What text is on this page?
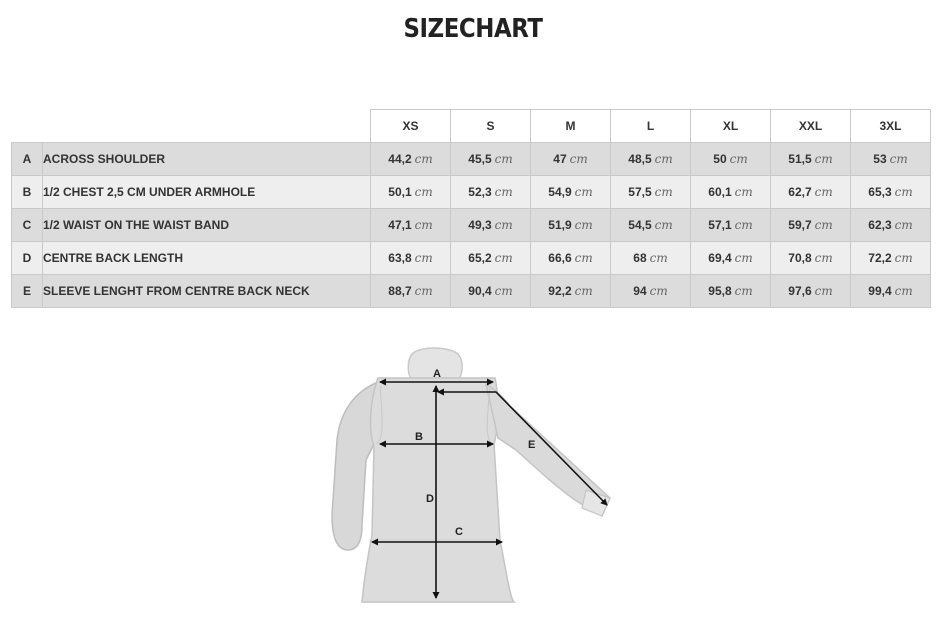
SIZECHART
		XS	S	M	L	XL	XXL	3XL
A	ACROSS SHOULDER	44,2 cm	45,5 cm	47 cm	48,5 cm	50 cm	51,5 cm	53 cm
B	1/2 CHEST 2,5 CM UNDER ARMHOLE	50,1 cm	52,3 cm	54,9 cm	57,5 cm	60,1 cm	62,7 cm	65,3 cm
C	1/2 WAIST ON THE WAIST BAND	47,1 cm	49,3 cm	51,9 cm	54,5 cm	57,1 cm	59,7 cm	62,3 cm
D	CENTRE BACK LENGTH	63,8 cm	65,2 cm	66,6 cm	68 cm	69,4 cm	70,8 cm	72,2 cm
E	SLEEVE LENGHT FROM CENTRE BACK NECK	88,7 cm	90,4 cm	92,2 cm	94 cm	95,8 cm	97,6 cm	99,4 cm
A
B
C
D
E
